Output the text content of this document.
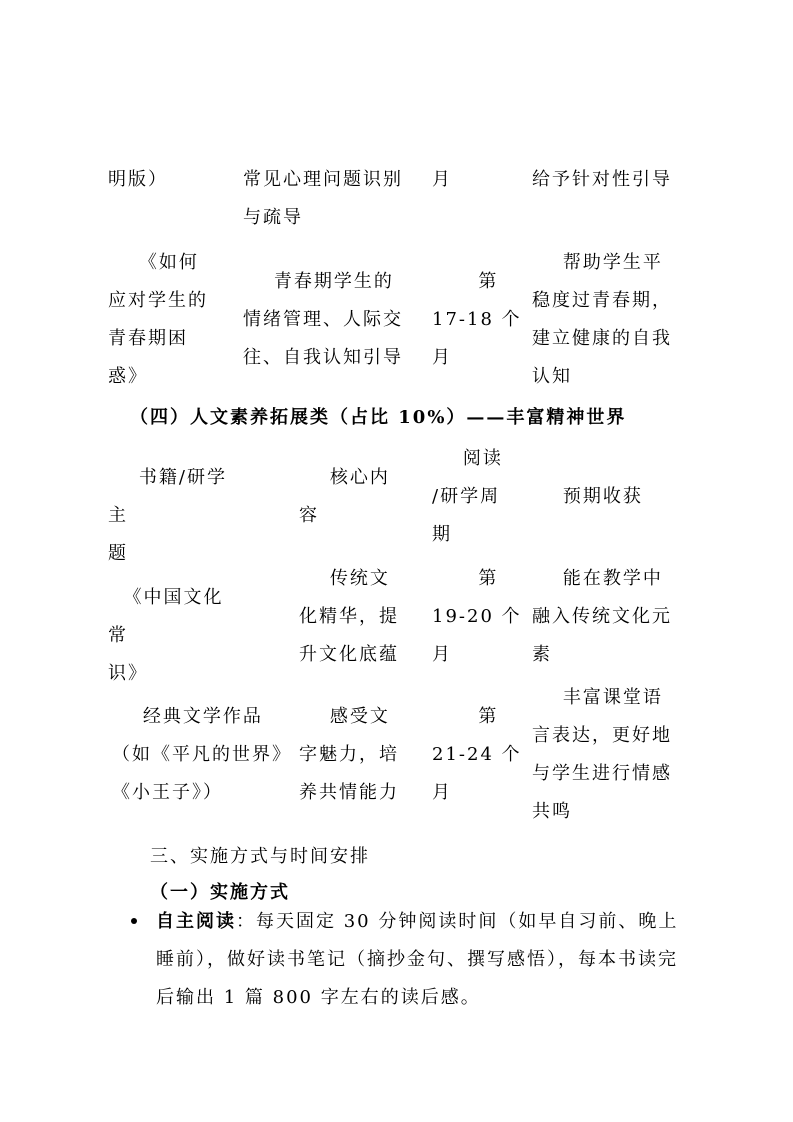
明版）	常见心理问题识别
与疏导
月	给予针对性引导
《如何
应对学生的
青春期困
惑》
青春期学生的
情绪管理、人际交
往、自我认知引导
第
17-18 个
月
帮助学生平
稳度过青春期，
建立健康的自我
认知
（四）人文素养拓展类（占比 10%）——丰富精神世界
书籍/研学主
题
核心内
容
阅读
/研学周
期
预期收获
《中国文化常
识》
传统文
化精华，提
升文化底蕴
第
19-20 个
月
能在教学中
融入传统文化元
素
经典文学作品
（如《平凡的世界》
《小王子》）
感受文
字魅力，培
养共情能力
第
21-24 个
月
丰富课堂语
言表达，更好地
与学生进行情感
共鸣
三、实施方式与时间安排
（一）实施方式
自主阅读：每天固定 30 分钟阅读时间（如早自习前、晚上睡前），做好读书笔记（摘抄金句、撰写感悟），每本书读完后输出 1 篇 800 字左右的读后感。
